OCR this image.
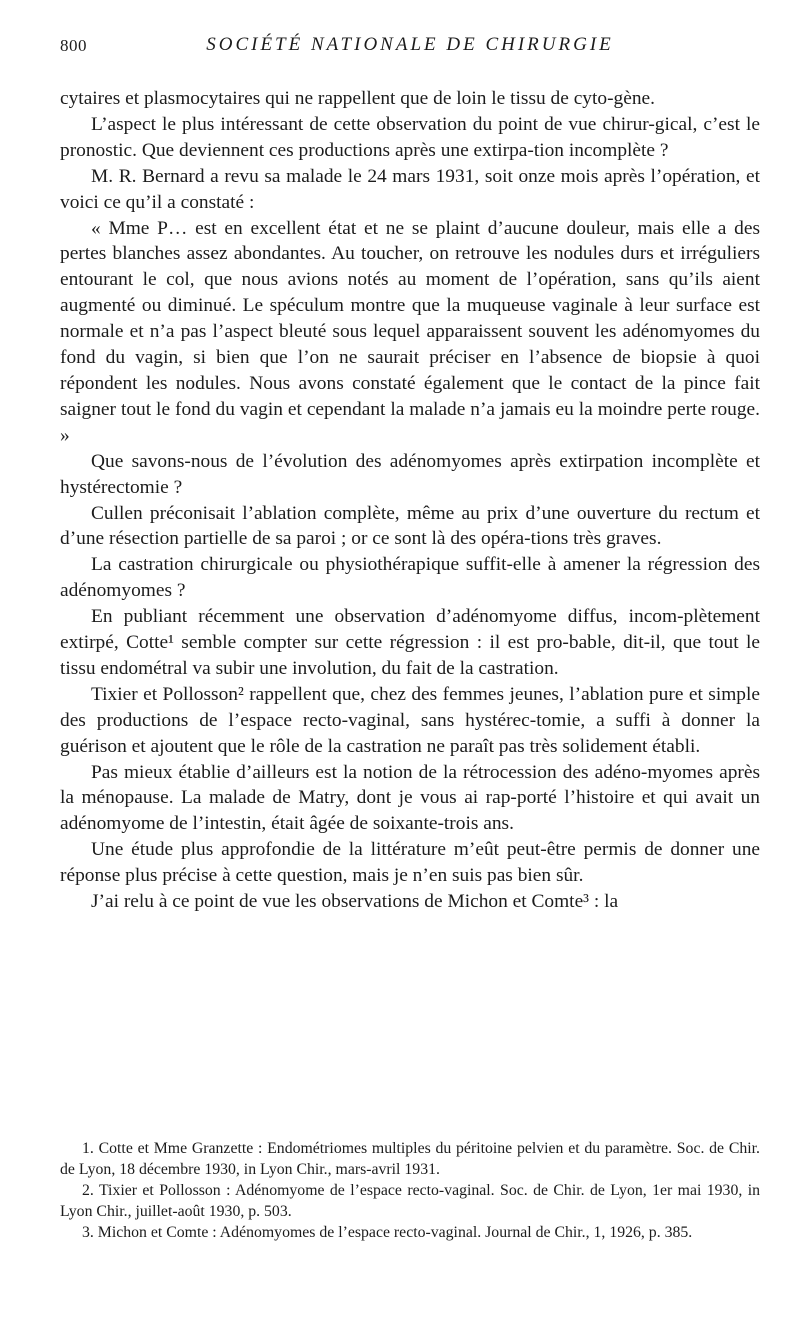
800	SOCIÉTÉ NATIONALE DE CHIRURGIE

cytaires et plasmocytaires qui ne rappellent que de loin le tissu de cyto-gène.

L’aspect le plus intéressant de cette observation du point de vue chirur-gical, c’est le pronostic. Que deviennent ces productions après une extirpa-tion incomplète ?

M. R. Bernard a revu sa malade le 24 mars 1931, soit onze mois après l’opération, et voici ce qu’il a constaté :

« Mme P… est en excellent état et ne se plaint d’aucune douleur, mais elle a des pertes blanches assez abondantes. Au toucher, on retrouve les nodules durs et irréguliers entourant le col, que nous avions notés au moment de l’opération, sans qu’ils aient augmenté ou diminué. Le spéculum montre que la muqueuse vaginale à leur surface est normale et n’a pas l’aspect bleuté sous lequel apparaissent souvent les adénomyomes du fond du vagin, si bien que l’on ne saurait préciser en l’absence de biopsie à quoi répondent les nodules. Nous avons constaté également que le contact de la pince fait saigner tout le fond du vagin et cependant la malade n’a jamais eu la moindre perte rouge. »

Que savons-nous de l’évolution des adénomyomes après extirpation incomplète et hystérectomie ?

Cullen préconisait l’ablation complète, même au prix d’une ouverture du rectum et d’une résection partielle de sa paroi ; or ce sont là des opéra-tions très graves.

La castration chirurgicale ou physiothérapique suffit-elle à amener la régression des adénomyomes ?

En publiant récemment une observation d’adénomyome diffus, incom-plètement extirpé, Cotte¹ semble compter sur cette régression : il est pro-bable, dit-il, que tout le tissu endométral va subir une involution, du fait de la castration.

Tixier et Pollosson² rappellent que, chez des femmes jeunes, l’ablation pure et simple des productions de l’espace recto-vaginal, sans hystérec-tomie, a suffi à donner la guérison et ajoutent que le rôle de la castration ne paraît pas très solidement établi.

Pas mieux établie d’ailleurs est la notion de la rétrocession des adéno-myomes après la ménopause. La malade de Matry, dont je vous ai rap-porté l’histoire et qui avait un adénomyome de l’intestin, était âgée de soixante-trois ans.

Une étude plus approfondie de la littérature m’eût peut-être permis de donner une réponse plus précise à cette question, mais je n’en suis pas bien sûr.

J’ai relu à ce point de vue les observations de Michon et Comte³ : la

1. Cotte et Mme Granzette : Endométriomes multiples du péritoine pelvien et du paramètre. Soc. de Chir. de Lyon, 18 décembre 1930, in Lyon Chir., mars-avril 1931.

2. Tixier et Pollosson : Adénomyome de l’espace recto-vaginal. Soc. de Chir. de Lyon, 1er mai 1930, in Lyon Chir., juillet-août 1930, p. 503.

3. Michon et Comte : Adénomyomes de l’espace recto-vaginal. Journal de Chir., 1, 1926, p. 385.
